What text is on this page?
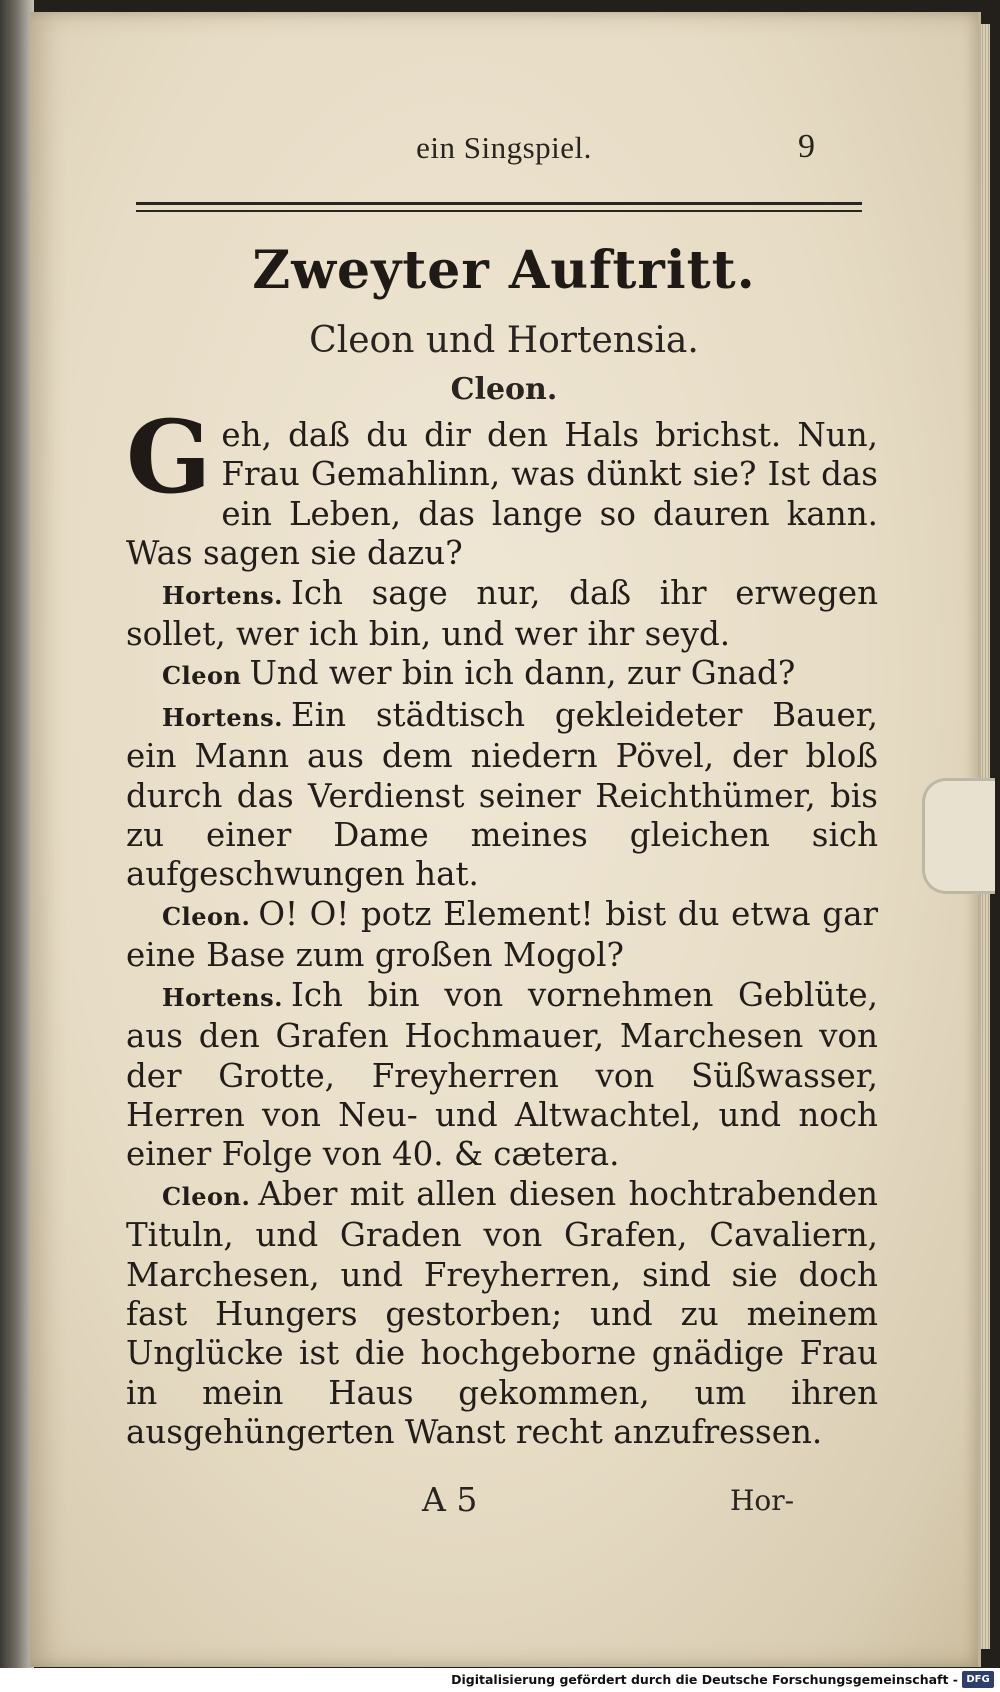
ein Singspiel.	9
Zweyter Auftritt.
Cleon und Hortensia.
Cleon.

Geh, daß du dir den Hals brichst. Nun, Frau Gemahlinn, was dünkt sie? Ist das ein Leben, das lange so dauren kann. Was sagen sie dazu?

Hortens. Ich sage nur, daß ihr erwegen sollet, wer ich bin, und wer ihr seyd.

Cleon Und wer bin ich dann, zur Gnad?

Hortens. Ein städtisch gekleideter Bauer, ein Mann aus dem niedern Pövel, der bloß durch das Verdienst seiner Reichthümer, bis zu einer Dame meines gleichen sich aufgeschwungen hat.

Cleon. O! O! potz Element! bist du etwa gar eine Base zum großen Mogol?

Hortens. Ich bin von vornehmen Geblüte, aus den Grafen Hochmauer, Marchesen von der Grotte, Freyherren von Süßwasser, Herren von Neu- und Altwachtel, und noch einer Folge von 40. & cætera.

Cleon. Aber mit allen diesen hochtrabenden Tituln, und Graden von Grafen, Cavaliern, Marchesen, und Freyherren, sind sie doch fast Hungers gestorben; und zu meinem Unglücke ist die hochgeborne gnädige Frau in mein Haus gekommen, um ihren ausgehüngerten Wanst recht anzufressen.

A 5	Hor-
Digitalisierung gefördert durch die Deutsche Forschungsgemeinschaft - DFG
